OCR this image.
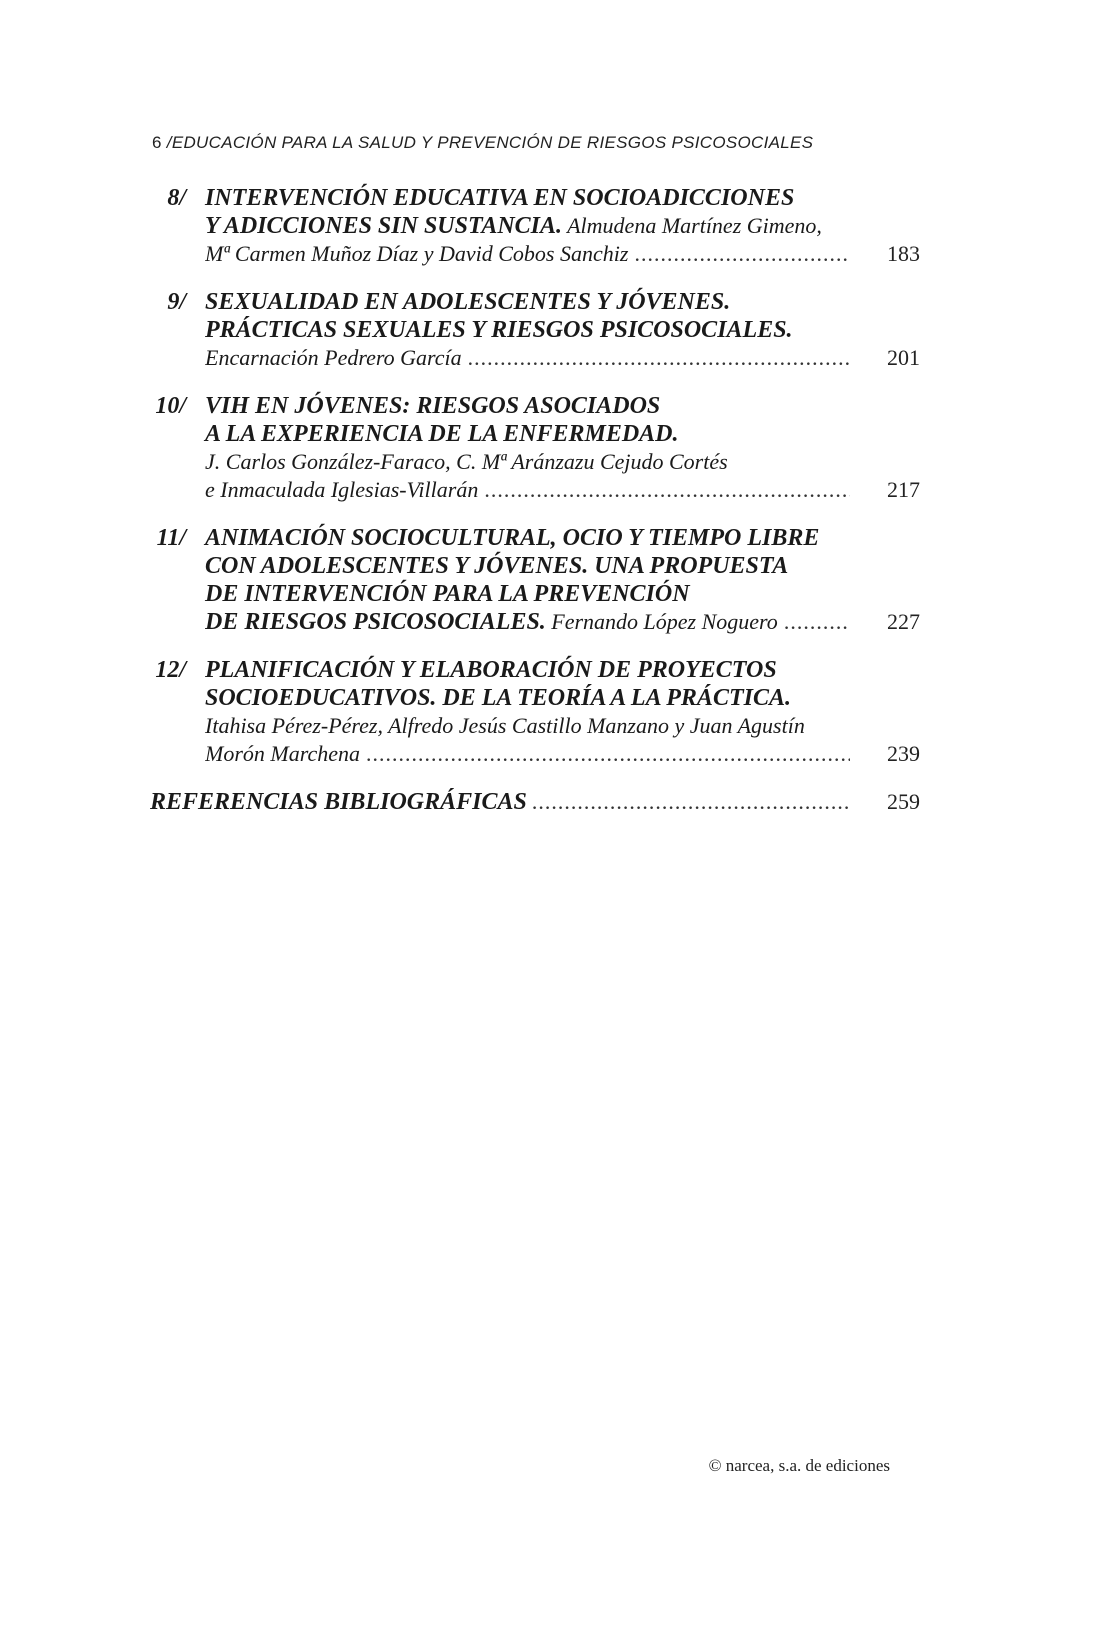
6 /EDUCACIÓN PARA LA SALUD Y PREVENCIÓN DE RIESGOS PSICOSOCIALES
8/ INTERVENCIÓN EDUCATIVA EN SOCIOADICCIONES
Y ADICCIONES SIN SUSTANCIA. Almudena Martínez Gimeno,
Mª Carmen Muñoz Díaz y David Cobos Sanchiz .....	183
9/ SEXUALIDAD EN ADOLESCENTES Y JÓVENES.
PRÁCTICAS SEXUALES Y RIESGOS PSICOSOCIALES.
Encarnación Pedrero García .....	201
10/ VIH EN JÓVENES: RIESGOS ASOCIADOS
A LA EXPERIENCIA DE LA ENFERMEDAD.
J. Carlos González-Faraco, C. Mª Aránzazu Cejudo Cortés
e Inmaculada Iglesias-Villarán .....	217
11/ ANIMACIÓN SOCIOCULTURAL, OCIO Y TIEMPO LIBRE
CON ADOLESCENTES Y JÓVENES. UNA PROPUESTA
DE INTERVENCIÓN PARA LA PREVENCIÓN
DE RIESGOS PSICOSOCIALES. Fernando López Noguero .....	227
12/ PLANIFICACIÓN Y ELABORACIÓN DE PROYECTOS
SOCIOEDUCATIVOS. DE LA TEORÍA A LA PRÁCTICA.
Itahisa Pérez-Pérez, Alfredo Jesús Castillo Manzano y Juan Agustín
Morón Marchena .....	239
REFERENCIAS BIBLIOGRÁFICAS .....	259
© narcea, s.a. de ediciones
